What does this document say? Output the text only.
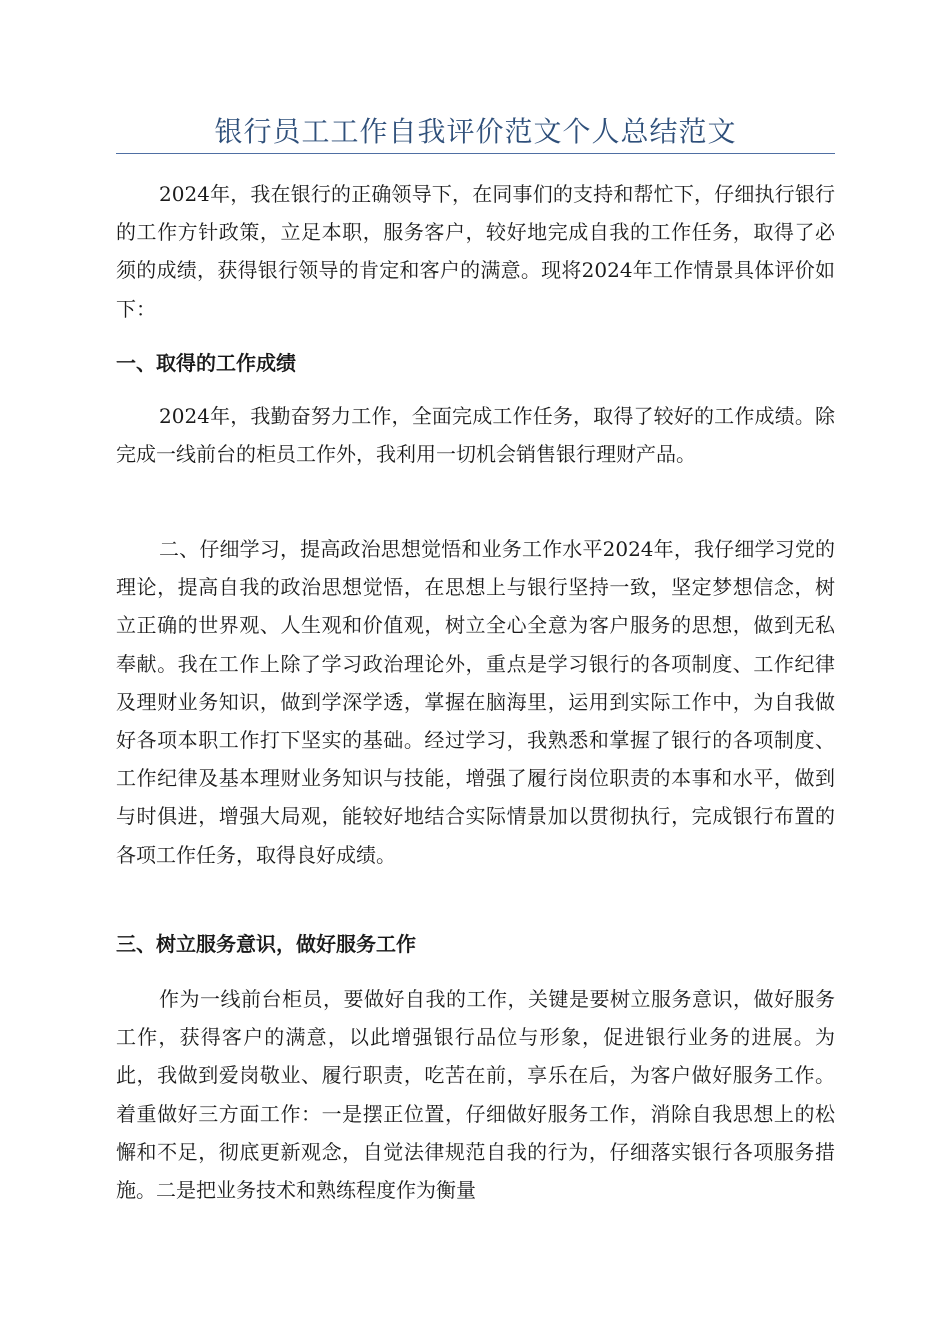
银行员工工作自我评价范文个人总结范文

2024年，我在银行的正确领导下，在同事们的支持和帮忙下，仔细执行银行的工作方针政策，立足本职，服务客户，较好地完成自我的工作任务，取得了必须的成绩，获得银行领导的肯定和客户的满意。现将2024年工作情景具体评价如下：

一、取得的工作成绩

2024年，我勤奋努力工作，全面完成工作任务，取得了较好的工作成绩。除完成一线前台的柜员工作外，我利用一切机会销售银行理财产品。

二、仔细学习，提高政治思想觉悟和业务工作水平2024年，我仔细学习党的理论，提高自我的政治思想觉悟，在思想上与银行坚持一致，坚定梦想信念，树立正确的世界观、人生观和价值观，树立全心全意为客户服务的思想，做到无私奉献。我在工作上除了学习政治理论外，重点是学习银行的各项制度、工作纪律及理财业务知识，做到学深学透，掌握在脑海里，运用到实际工作中，为自我做好各项本职工作打下坚实的基础。经过学习，我熟悉和掌握了银行的各项制度、工作纪律及基本理财业务知识与技能，增强了履行岗位职责的本事和水平，做到与时俱进，增强大局观，能较好地结合实际情景加以贯彻执行，完成银行布置的各项工作任务，取得良好成绩。

三、树立服务意识，做好服务工作

作为一线前台柜员，要做好自我的工作，关键是要树立服务意识，做好服务工作，获得客户的满意，以此增强银行品位与形象，促进银行业务的进展。为此，我做到爱岗敬业、履行职责，吃苦在前，享乐在后，为客户做好服务工作。着重做好三方面工作：一是摆正位置，仔细做好服务工作，消除自我思想上的松懈和不足，彻底更新观念，自觉法律规范自我的行为，仔细落实银行各项服务措施。二是把业务技术和熟练程度作为衡量
